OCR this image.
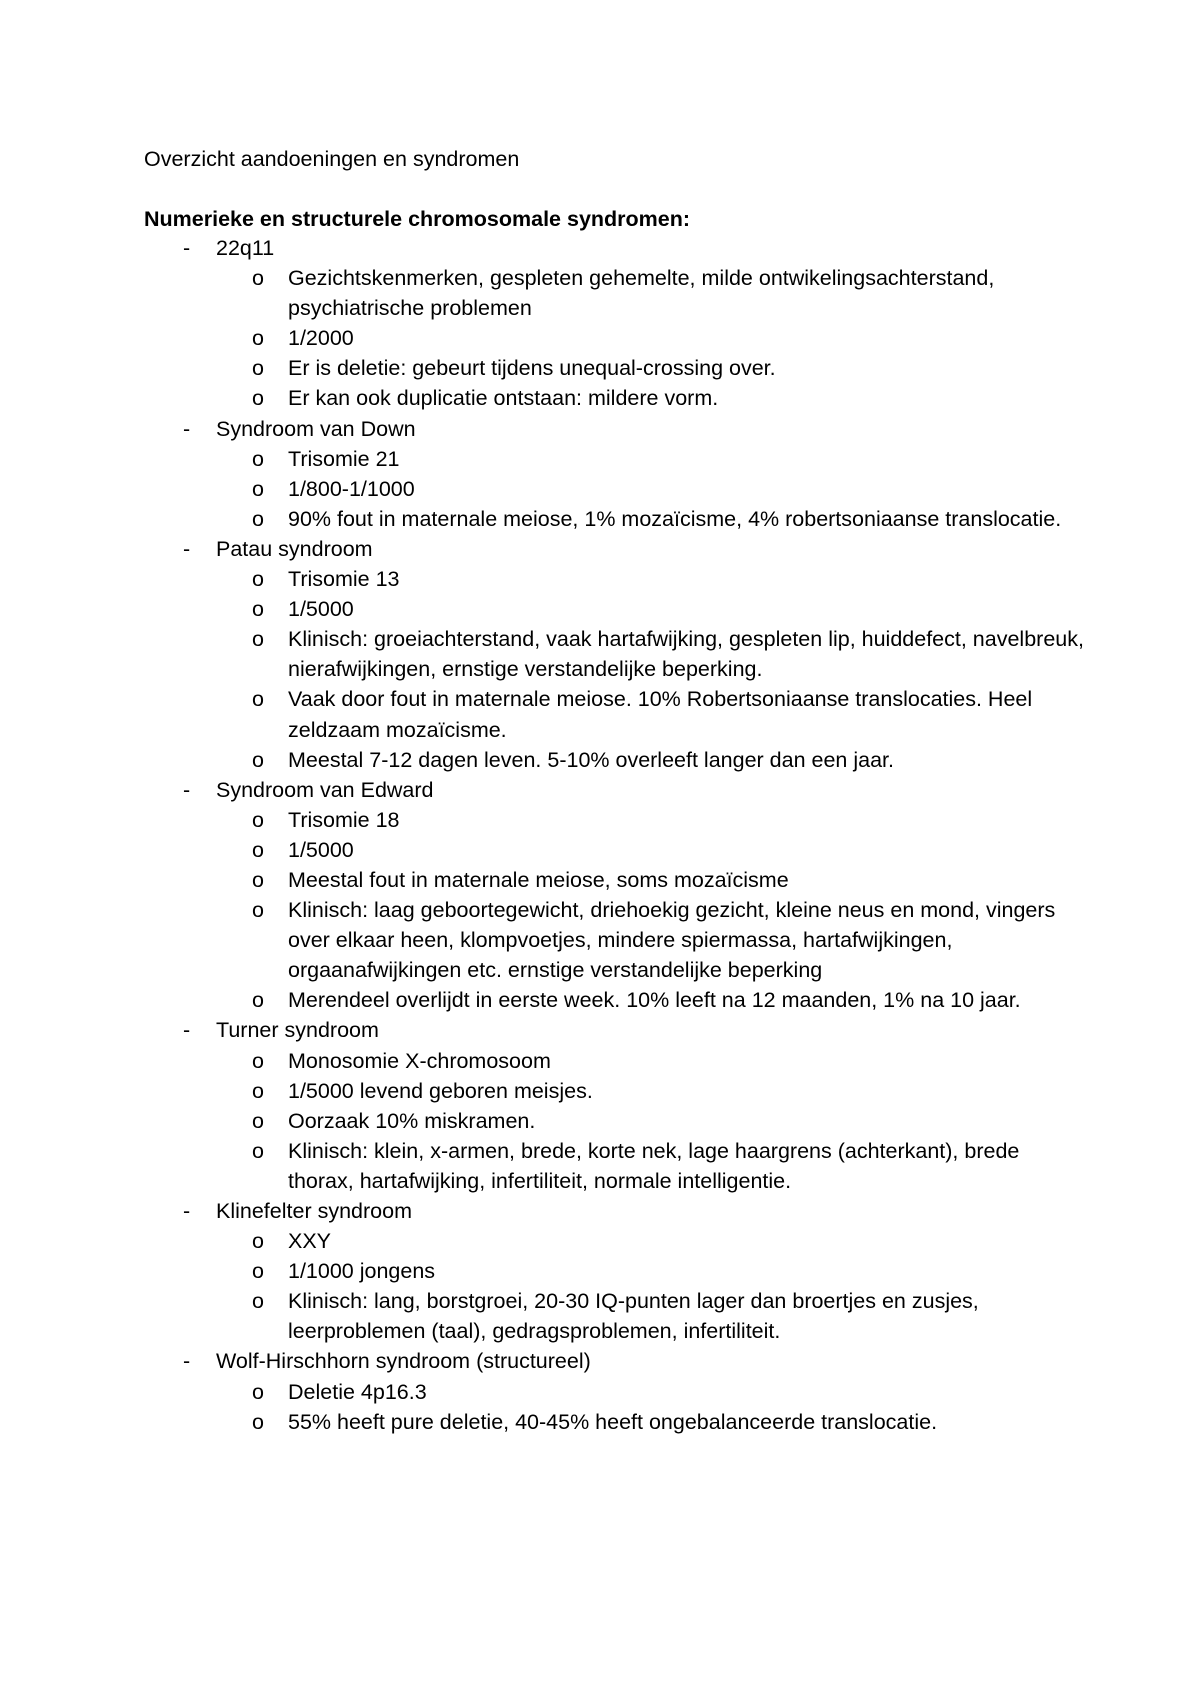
Overzicht aandoeningen en syndromen
Numerieke en structurele chromosomale syndromen:
-	22q11
o	Gezichtskenmerken, gespleten gehemelte, milde ontwikelingsachterstand, psychiatrische problemen
o	1/2000
o	Er is deletie: gebeurt tijdens unequal-crossing over.
o	Er kan ook duplicatie ontstaan: mildere vorm.
-	Syndroom van Down
o	Trisomie 21
o	1/800-1/1000
o	90% fout in maternale meiose, 1% mozaïcisme, 4% robertsoniaanse translocatie.
-	Patau syndroom
o	Trisomie 13
o	1/5000
o	Klinisch: groeiachterstand, vaak hartafwijking, gespleten lip, huiddefect, navelbreuk, nierafwijkingen, ernstige verstandelijke beperking.
o	Vaak door fout in maternale meiose. 10% Robertsoniaanse translocaties. Heel zeldzaam mozaïcisme.
o	Meestal 7-12 dagen leven. 5-10% overleeft langer dan een jaar.
-	Syndroom van Edward
o	Trisomie 18
o	1/5000
o	Meestal fout in maternale meiose, soms mozaïcisme
o	Klinisch: laag geboortegewicht, driehoekig gezicht, kleine neus en mond, vingers over elkaar heen, klompvoetjes, mindere spiermassa, hartafwijkingen, orgaanafwijkingen etc. ernstige verstandelijke beperking
o	Merendeel overlijdt in eerste week. 10% leeft na 12 maanden, 1% na 10 jaar.
-	Turner syndroom
o	Monosomie X-chromosoom
o	1/5000 levend geboren meisjes.
o	Oorzaak 10% miskramen.
o	Klinisch: klein, x-armen, brede, korte nek, lage haargrens (achterkant), brede thorax, hartafwijking, infertiliteit, normale intelligentie.
-	Klinefelter syndroom
o	XXY
o	1/1000 jongens
o	Klinisch: lang, borstgroei, 20-30 IQ-punten lager dan broertjes en zusjes, leerproblemen (taal), gedragsproblemen, infertiliteit.
-	Wolf-Hirschhorn syndroom (structureel)
o	Deletie 4p16.3
o	55% heeft pure deletie, 40-45% heeft ongebalanceerde translocatie.
